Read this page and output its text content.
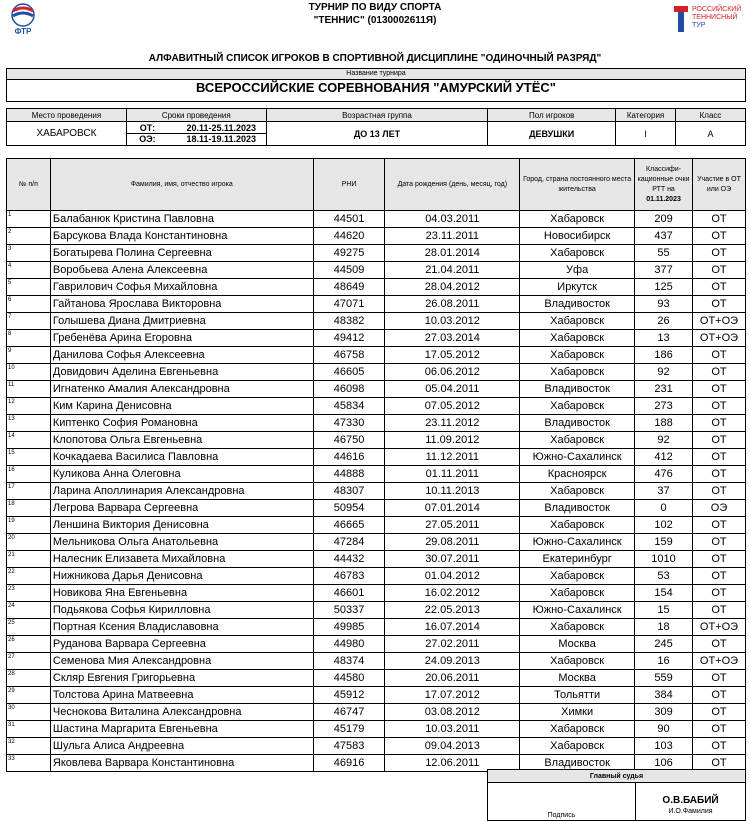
ФТР
РОССИЙСКИЙ
ТЕННИСНЫЙ
ТУР
ТУРНИР ПО ВИДУ СПОРТА
"ТЕННИС" (0130002611Я)
АЛФАВИТНЫЙ СПИСОК ИГРОКОВ В СПОРТИВНОЙ ДИСЦИПЛИНЕ "ОДИНОЧНЫЙ РАЗРЯД"
Название турнира
ВСЕРОССИЙСКИЕ СОРЕВНОВАНИЯ "АМУРСКИЙ УТЁС"
Место проведения	Сроки проведения	Возрастная группа	Пол игроков	Категория	Класс
ХАБАРОВСК	ОТ: 20.11-25.11.2023
ОЭ: 18.11-19.11.2023	ДО 13 ЛЕТ	ДЕВУШКИ	I	А
№ п/п	Фамилия, имя, отчество игрока	РНИ	Дата рождения (день, месяц, год)	Город, страна постоянного места жительства	Классифи- кационные очки РТТ на
01.11.2023	Участие в ОТ или ОЭ
1	Балабанюк Кристина Павловна	44501	04.03.2011	Хабаровск	209	ОТ
2	Барсукова Влада Константиновна	44620	23.11.2011	Новосибирск	437	ОТ
3	Богатырева Полина Сергеевна	49275	28.01.2014	Хабаровск	55	ОТ
4	Воробьева Алена Алексеевна	44509	21.04.2011	Уфа	377	ОТ
5	Гаврилович Софья Михайловна	48649	28.04.2012	Иркутск	125	ОТ
6	Гайтанова Ярослава Викторовна	47071	26.08.2011	Владивосток	93	ОТ
7	Голышева Диана Дмитриевна	48382	10.03.2012	Хабаровск	26	ОТ+ОЭ
8	Гребенёва Арина Егоровна	49412	27.03.2014	Хабаровск	13	ОТ+ОЭ
9	Данилова Софья Алексеевна	46758	17.05.2012	Хабаровск	186	ОТ
10	Довидович Аделина Евгеньевна	46605	06.06.2012	Хабаровск	92	ОТ
11	Игнатенко Амалия Александровна	46098	05.04.2011	Владивосток	231	ОТ
12	Ким Карина Денисовна	45834	07.05.2012	Хабаровск	273	ОТ
13	Киптенко София Романовна	47330	23.11.2012	Владивосток	188	ОТ
14	Клопотова Ольга Евгеньевна	46750	11.09.2012	Хабаровск	92	ОТ
15	Кочкадаева Василиса Павловна	44616	11.12.2011	Южно-Сахалинск	412	ОТ
16	Куликова Анна Олеговна	44888	01.11.2011	Красноярск	476	ОТ
17	Ларина Аполлинария Александровна	48307	10.11.2013	Хабаровск	37	ОТ
18	Легрова Варвара Сергеевна	50954	07.01.2014	Владивосток	0	ОЭ
19	Леншина Виктория Денисовна	46665	27.05.2011	Хабаровск	102	ОТ
20	Мельникова Ольга Анатольевна	47284	29.08.2011	Южно-Сахалинск	159	ОТ
21	Налесник Елизавета Михайловна	44432	30.07.2011	Екатеринбург	1010	ОТ
22	Нижникова Дарья Денисовна	46783	01.04.2012	Хабаровск	53	ОТ
23	Новикова Яна Евгеньевна	46601	16.02.2012	Хабаровск	154	ОТ
24	Подьякова Софья Кирилловна	50337	22.05.2013	Южно-Сахалинск	15	ОТ
25	Портная Ксения Владиславовна	49985	16.07.2014	Хабаровск	18	ОТ+ОЭ
26	Руданова Варвара Сергеевна	44980	27.02.2011	Москва	245	ОТ
27	Семенова Мия Александровна	48374	24.09.2013	Хабаровск	16	ОТ+ОЭ
28	Скляр Евгения Григорьевна	44580	20.06.2011	Москва	559	ОТ
29	Толстова Арина Матвеевна	45912	17.07.2012	Тольятти	384	ОТ
30	Чеснокова Виталина Александровна	46747	03.08.2012	Химки	309	ОТ
31	Шастина Маргарита Евгеньевна	45179	10.03.2011	Хабаровск	90	ОТ
32	Шульга Алиса Андреевна	47583	09.04.2013	Хабаровск	103	ОТ
33	Яковлева Варвара Константиновна	46916	12.06.2011	Владивосток	106	ОТ
Главный судья
Подпись	
О.В.БАБИЙ
И.О.Фамилия
